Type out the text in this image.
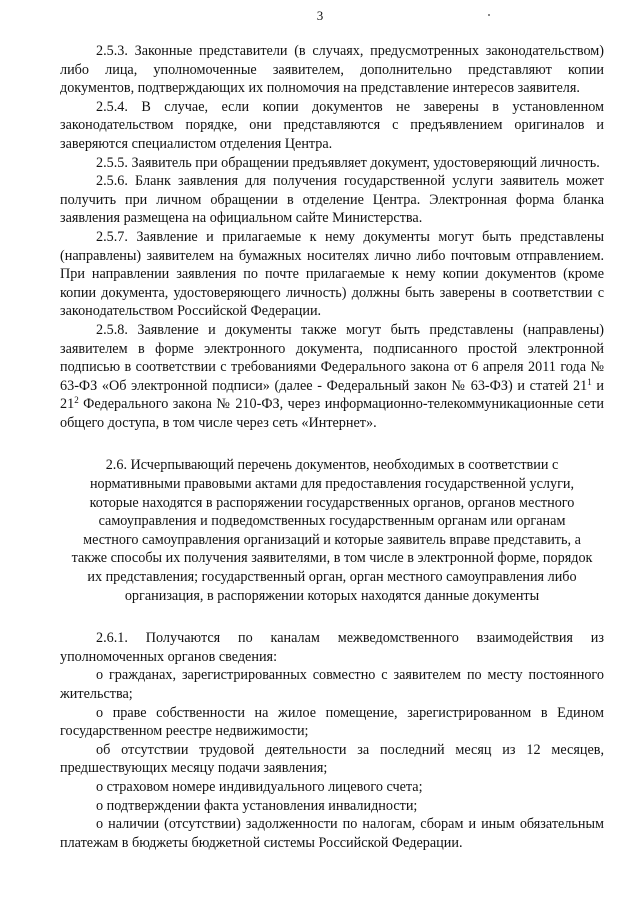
3

2.5.3. Законные представители (в случаях, предусмотренных законодательством) либо лица, уполномоченные заявителем, дополнительно представляют копии документов, подтверждающих их полномочия на представление интересов заявителя.

2.5.4. В случае, если копии документов не заверены в установленном законодательством порядке, они представляются с предъявлением оригиналов и заверяются специалистом отделения Центра.

2.5.5. Заявитель при обращении предъявляет документ, удостоверяющий личность.

2.5.6. Бланк заявления для получения государственной услуги заявитель может получить при личном обращении в отделение Центра. Электронная форма бланка заявления размещена на официальном сайте Министерства.

2.5.7. Заявление и прилагаемые к нему документы могут быть представлены (направлены) заявителем на бумажных носителях лично либо почтовым отправлением. При направлении заявления по почте прилагаемые к нему копии документов (кроме копии документа, удостоверяющего личность) должны быть заверены в соответствии с законодательством Российской Федерации.

2.5.8. Заявление и документы также могут быть представлены (направлены) заявителем в форме электронного документа, подписанного простой электронной подписью в соответствии с требованиями Федерального закона от 6 апреля 2011 года № 63-ФЗ «Об электронной подписи» (далее - Федеральный закон № 63-ФЗ) и статей $21^1$ и $21^2$ Федерального закона № 210-ФЗ, через информационно-телекоммуникационные сети общего доступа, в том числе через сеть «Интернет».

2.6. Исчерпывающий перечень документов, необходимых в соответствии с нормативными правовыми актами для предоставления государственной услуги, которые находятся в распоряжении государственных органов, органов местного самоуправления и подведомственных государственным органам или органам местного самоуправления организаций и которые заявитель вправе представить, а также способы их получения заявителями, в том числе в электронной форме, порядок их представления; государственный орган, орган местного самоуправления либо организация, в распоряжении которых находятся данные документы

2.6.1. Получаются по каналам межведомственного взаимодействия из уполномоченных органов сведения:

о гражданах, зарегистрированных совместно с заявителем по месту постоянного жительства;

о праве собственности на жилое помещение, зарегистрированном в Едином государственном реестре недвижимости;

об отсутствии трудовой деятельности за последний месяц из 12 месяцев, предшествующих месяцу подачи заявления;

о страховом номере индивидуального лицевого счета;

о подтверждении факта установления инвалидности;

о наличии (отсутствии) задолженности по налогам, сборам и иным обязательным платежам в бюджеты бюджетной системы Российской Федерации.
